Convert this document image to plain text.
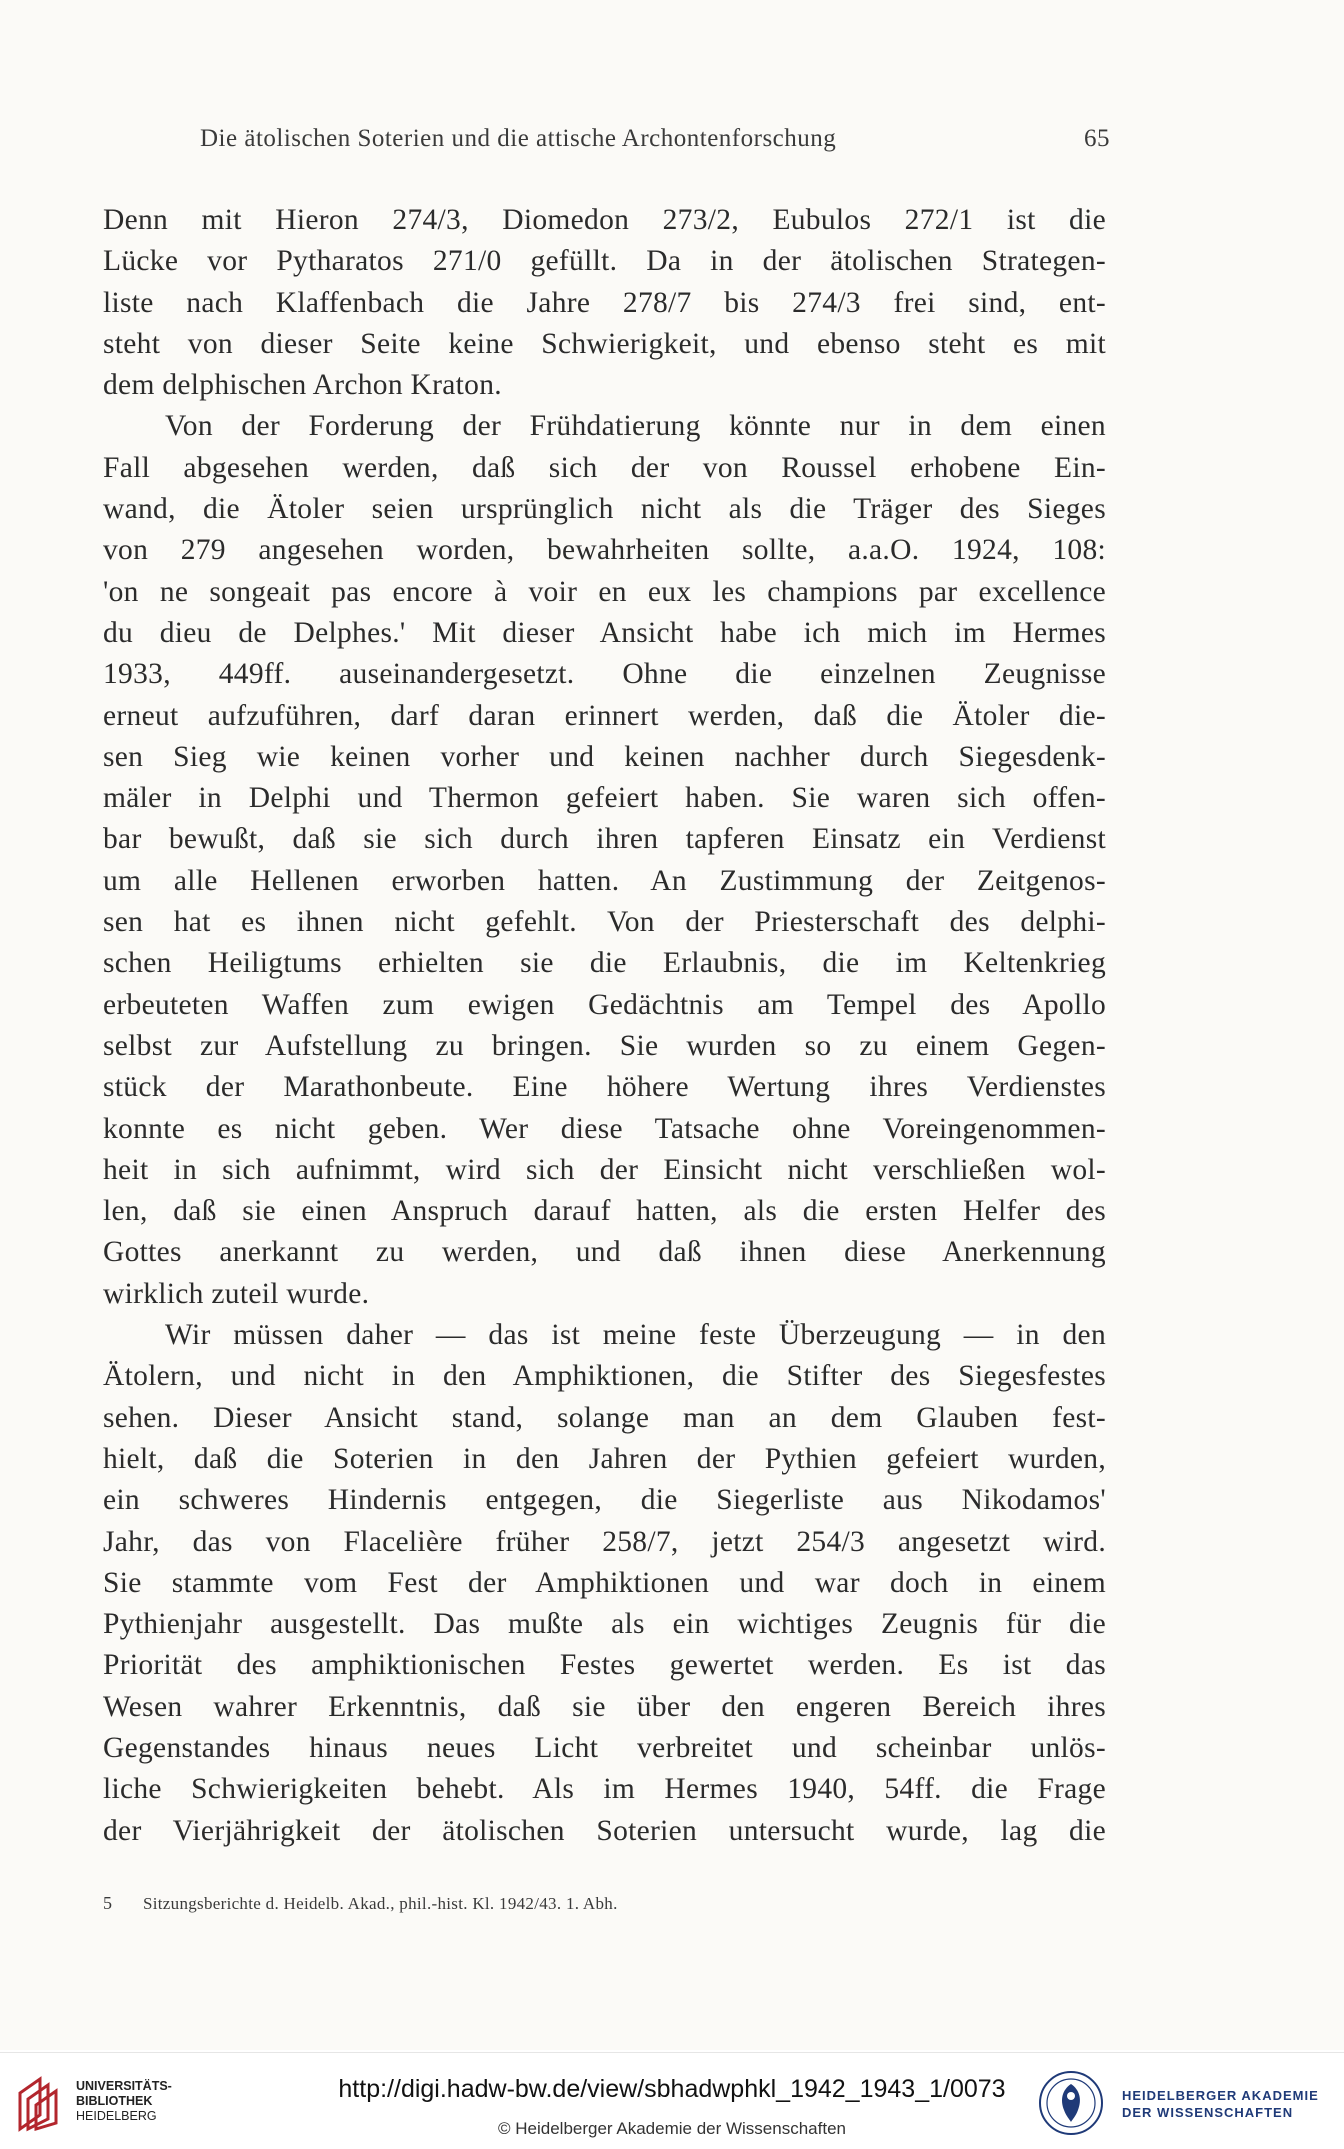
Die ätolischen Soterien und die attische Archontenforschung	65
Denn mit Hieron 274/3, Diomedon 273/2, Eubulos 272/1 ist die
Lücke vor Pytharatos 271/0 gefüllt. Da in der ätolischen Strategen-
liste nach Klaffenbach die Jahre 278/7 bis 274/3 frei sind, ent-
steht von dieser Seite keine Schwierigkeit, und ebenso steht es mit
dem delphischen Archon Kraton.
Von der Forderung der Frühdatierung könnte nur in dem einen
Fall abgesehen werden, daß sich der von Roussel erhobene Ein-
wand, die Ätoler seien ursprünglich nicht als die Träger des Sieges
von 279 angesehen worden, bewahrheiten sollte, a.a.O. 1924, 108:
'on ne songeait pas encore à voir en eux les champions par excellence
du dieu de Delphes.' Mit dieser Ansicht habe ich mich im Hermes
1933, 449ff. auseinandergesetzt. Ohne die einzelnen Zeugnisse
erneut aufzuführen, darf daran erinnert werden, daß die Ätoler die-
sen Sieg wie keinen vorher und keinen nachher durch Siegesdenk-
mäler in Delphi und Thermon gefeiert haben. Sie waren sich offen-
bar bewußt, daß sie sich durch ihren tapferen Einsatz ein Verdienst
um alle Hellenen erworben hatten. An Zustimmung der Zeitgenos-
sen hat es ihnen nicht gefehlt. Von der Priesterschaft des delphi-
schen Heiligtums erhielten sie die Erlaubnis, die im Keltenkrieg
erbeuteten Waffen zum ewigen Gedächtnis am Tempel des Apollo
selbst zur Aufstellung zu bringen. Sie wurden so zu einem Gegen-
stück der Marathonbeute. Eine höhere Wertung ihres Verdienstes
konnte es nicht geben. Wer diese Tatsache ohne Voreingenommen-
heit in sich aufnimmt, wird sich der Einsicht nicht verschließen wol-
len, daß sie einen Anspruch darauf hatten, als die ersten Helfer des
Gottes anerkannt zu werden, und daß ihnen diese Anerkennung
wirklich zuteil wurde.
Wir müssen daher — das ist meine feste Überzeugung — in den
Ätolern, und nicht in den Amphiktionen, die Stifter des Siegesfestes
sehen. Dieser Ansicht stand, solange man an dem Glauben fest-
hielt, daß die Soterien in den Jahren der Pythien gefeiert wurden,
ein schweres Hindernis entgegen, die Siegerliste aus Nikodamos'
Jahr, das von Flacelière früher 258/7, jetzt 254/3 angesetzt wird.
Sie stammte vom Fest der Amphiktionen und war doch in einem
Pythienjahr ausgestellt. Das mußte als ein wichtiges Zeugnis für die
Priorität des amphiktionischen Festes gewertet werden. Es ist das
Wesen wahrer Erkenntnis, daß sie über den engeren Bereich ihres
Gegenstandes hinaus neues Licht verbreitet und scheinbar unlös-
liche Schwierigkeiten behebt. Als im Hermes 1940, 54ff. die Frage
der Vierjährigkeit der ätolischen Soterien untersucht wurde, lag die
5 Sitzungsberichte d. Heidelb. Akad., phil.-hist. Kl. 1942/43. 1. Abh.
UNIVERSITÄTS-
BIBLIOTHEK
HEIDELBERG
http://digi.hadw-bw.de/view/sbhadwphkl_1942_1943_1/0073
© Heidelberger Akademie der Wissenschaften
HEIDELBERGER AKADEMIE
DER WISSENSCHAFTEN
